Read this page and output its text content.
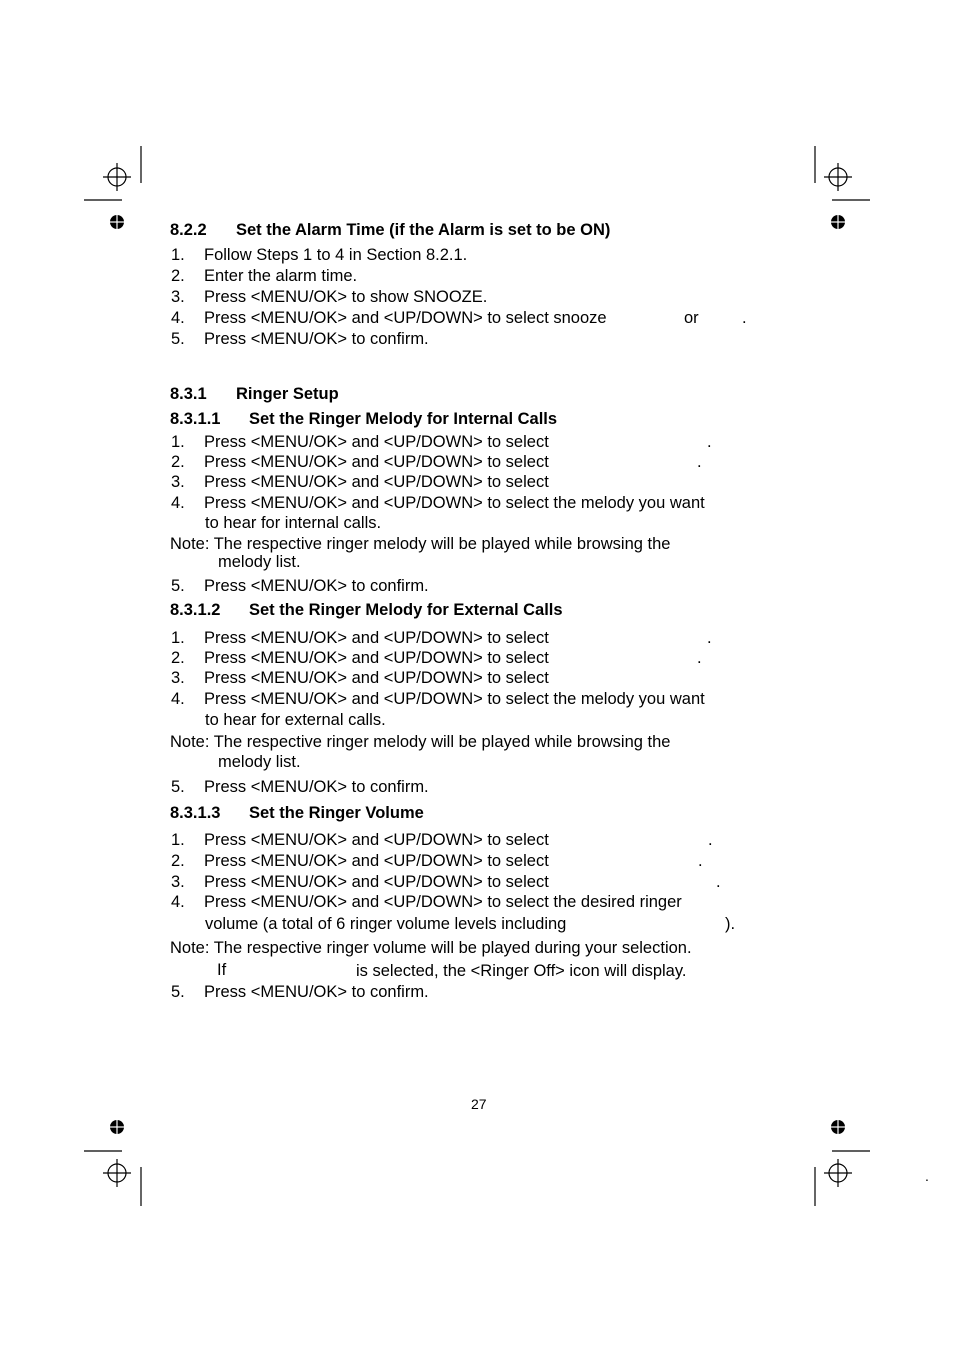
8.2.2 Set the Alarm Time (if the Alarm is set to be ON)
1. Follow Steps 1 to 4 in Section 8.2.1.
2. Enter the alarm time.
3. Press <MENU/OK> to show SNOOZE.
4. Press <MENU/OK> and <UP/DOWN> to select snooze	or	.
5. Press <MENU/OK> to confirm.
8.3.1 Ringer Setup
8.3.1.1 Set the Ringer Melody for Internal Calls
1. Press <MENU/OK> and <UP/DOWN> to select	.
2. Press <MENU/OK> and <UP/DOWN> to select	.
3. Press <MENU/OK> and <UP/DOWN> to select
4. Press <MENU/OK> and <UP/DOWN> to select the melody you want
to hear for internal calls.
Note: The respective ringer melody will be played while browsing the
melody list.
5. Press <MENU/OK> to confirm.
8.3.1.2 Set the Ringer Melody for External Calls
1. Press <MENU/OK> and <UP/DOWN> to select	.
2. Press <MENU/OK> and <UP/DOWN> to select	.
3. Press <MENU/OK> and <UP/DOWN> to select
4. Press <MENU/OK> and <UP/DOWN> to select the melody you want
to hear for external calls.
Note: The respective ringer melody will be played while browsing the
melody list.
5. Press <MENU/OK> to confirm.
8.3.1.3 Set the Ringer Volume
1. Press <MENU/OK> and <UP/DOWN> to select	.
2. Press <MENU/OK> and <UP/DOWN> to select	.
3. Press <MENU/OK> and <UP/DOWN> to select	.
4. Press <MENU/OK> and <UP/DOWN> to select the desired ringer
volume (a total of 6 ringer volume levels including	).
Note: The respective ringer volume will be played during your selection.
If	is selected, the <Ringer Off> icon will display.
5. Press <MENU/OK> to confirm.
27
.
